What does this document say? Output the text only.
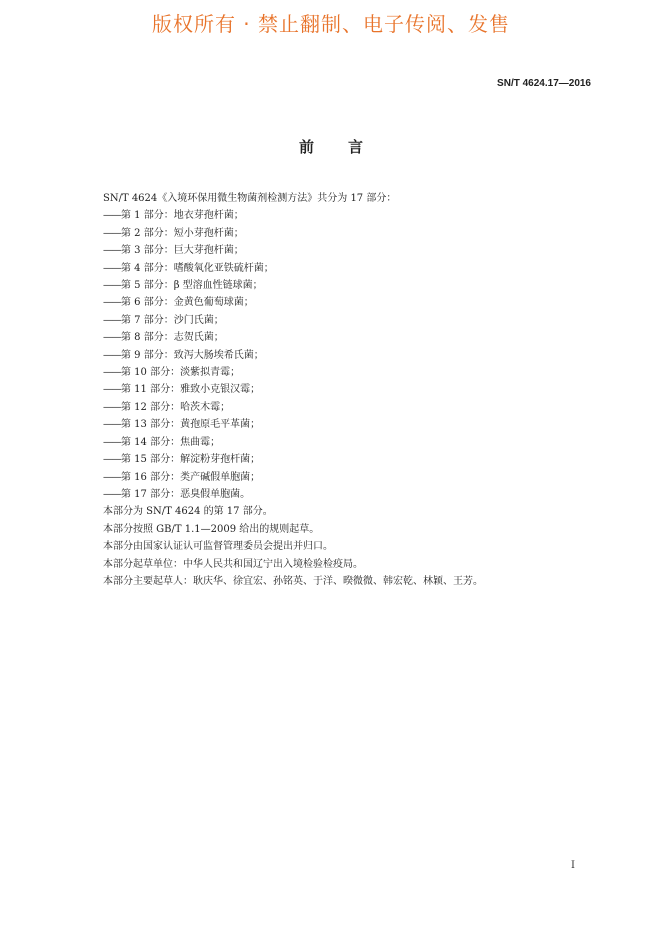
版权所有 · 禁止翻制、电子传阅、发售
SN/T 4624.17—2016
前言
SN/T 4624《入境环保用微生物菌剂检测方法》共分为 17 部分：
——第 1 部分：地衣芽孢杆菌；
——第 2 部分：短小芽孢杆菌；
——第 3 部分：巨大芽孢杆菌；
——第 4 部分：嗜酸氧化亚铁硫杆菌；
——第 5 部分：β 型溶血性链球菌；
——第 6 部分：金黄色葡萄球菌；
——第 7 部分：沙门氏菌；
——第 8 部分：志贺氏菌；
——第 9 部分：致泻大肠埃希氏菌；
——第 10 部分：淡紫拟青霉；
——第 11 部分：雅致小克银汉霉；
——第 12 部分：哈茨木霉；
——第 13 部分：黄孢原毛平革菌；
——第 14 部分：焦曲霉；
——第 15 部分：解淀粉芽孢杆菌；
——第 16 部分：类产碱假单胞菌；
——第 17 部分：恶臭假单胞菌。
本部分为 SN/T 4624 的第 17 部分。
本部分按照 GB/T 1.1—2009 给出的规则起草。
本部分由国家认证认可监督管理委员会提出并归口。
本部分起草单位：中华人民共和国辽宁出入境检验检疫局。
本部分主要起草人：耿庆华、徐宜宏、孙铭英、于洋、暌微微、韩宏乾、林颖、王芳。
I
